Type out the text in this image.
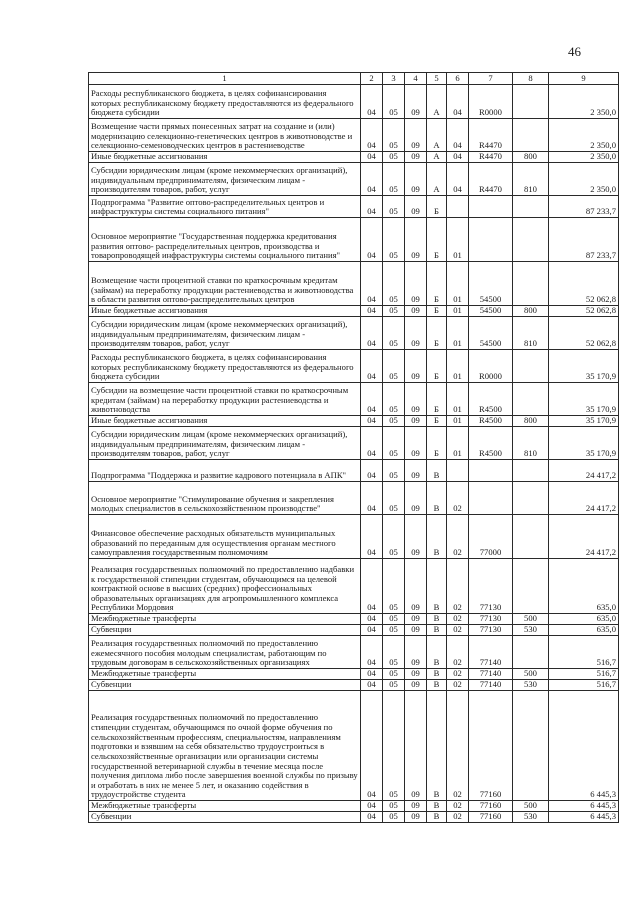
46
1	2	3	4	5	6	7	8	9
Расходы республиканского бюджета, в целях софинансирования которых республиканскому бюджету предоставляются из федерального бюджета субсидии	04	05	09	А	04	R0000		2 350,0
Возмещение части прямых понесенных затрат на создание и (или) модернизацию селекционно-генетических центров в животноводстве и селекционно-семеноводческих центров в растениеводстве	04	05	09	А	04	R4470		2 350,0
Иные бюджетные ассигнования	04	05	09	А	04	R4470	800	2 350,0
Субсидии юридическим лицам (кроме некоммерческих организаций), индивидуальным предпринимателям, физическим лицам - производителям товаров, работ, услуг	04	05	09	А	04	R4470	810	2 350,0
Подпрограмма "Развитие оптово-распределительных центров и инфраструктуры системы социального питания"	04	05	09	Б				87 233,7
Основное мероприятие "Государственная поддержка кредитования развития оптово- распределительных центров, производства и товаропроводящей инфраструктуры системы социального питания"	04	05	09	Б	01			87 233,7
Возмещение части процентной ставки по краткосрочным кредитам (займам) на переработку продукции растениеводства и животноводства в области развития оптово-распределительных центров	04	05	09	Б	01	54500		52 062,8
Иные бюджетные ассигнования	04	05	09	Б	01	54500	800	52 062,8
Субсидии юридическим лицам (кроме некоммерческих организаций), индивидуальным предпринимателям, физическим лицам - производителям товаров, работ, услуг	04	05	09	Б	01	54500	810	52 062,8
Расходы республиканского бюджета, в целях софинансирования которых республиканскому бюджету предоставляются из федерального бюджета субсидии	04	05	09	Б	01	R0000		35 170,9
Субсидии на возмещение части процентной ставки по краткосрочным кредитам (займам) на переработку продукции растениеводства и животноводства	04	05	09	Б	01	R4500		35 170,9
Иные бюджетные ассигнования	04	05	09	Б	01	R4500	800	35 170,9
Субсидии юридическим лицам (кроме некоммерческих организаций), индивидуальным предпринимателям, физическим лицам - производителям товаров, работ, услуг	04	05	09	Б	01	R4500	810	35 170,9
Подпрограмма "Поддержка и развитие кадрового потенциала в АПК"	04	05	09	В				24 417,2
Основное мероприятие "Стимулирование обучения и закрепления молодых специалистов в сельскохозяйственном производстве"	04	05	09	В	02			24 417,2
Финансовое обеспечение расходных обязательств муниципальных образований по переданным для осуществления органам местного самоуправления государственным полномочиям	04	05	09	В	02	77000		24 417,2
Реализация государственных полномочий по предоставлению надбавки к государственной стипендии студентам, обучающимся на целевой контрактной основе в высших (средних) профессиональных образовательных организациях для агропромышленного комплекса Республики Мордовия	04	05	09	В	02	77130		635,0
Межбюджетные трансферты	04	05	09	В	02	77130	500	635,0
Субвенции	04	05	09	В	02	77130	530	635,0
Реализация государственных полномочий по предоставлению ежемесячного пособия молодым специалистам, работающим по трудовым договорам в сельскохозяйственных организациях	04	05	09	В	02	77140		516,7
Межбюджетные трансферты	04	05	09	В	02	77140	500	516,7
Субвенции	04	05	09	В	02	77140	530	516,7
Реализация государственных полномочий по предоставлению стипендии студентам, обучающимся по очной форме обучения по сельскохозяйственным профессиям, специальностям, направлениям подготовки и взявшим на себя обязательство трудоустроиться в сельскохозяйственные организации или организации системы государственной ветеринарной службы в течение месяца после получения диплома либо после завершения военной службы по призыву и отработать в них не менее 5 лет, и оказанию содействия в трудоустройстве студента	04	05	09	В	02	77160		6 445,3
Межбюджетные трансферты	04	05	09	В	02	77160	500	6 445,3
Субвенции	04	05	09	В	02	77160	530	6 445,3
